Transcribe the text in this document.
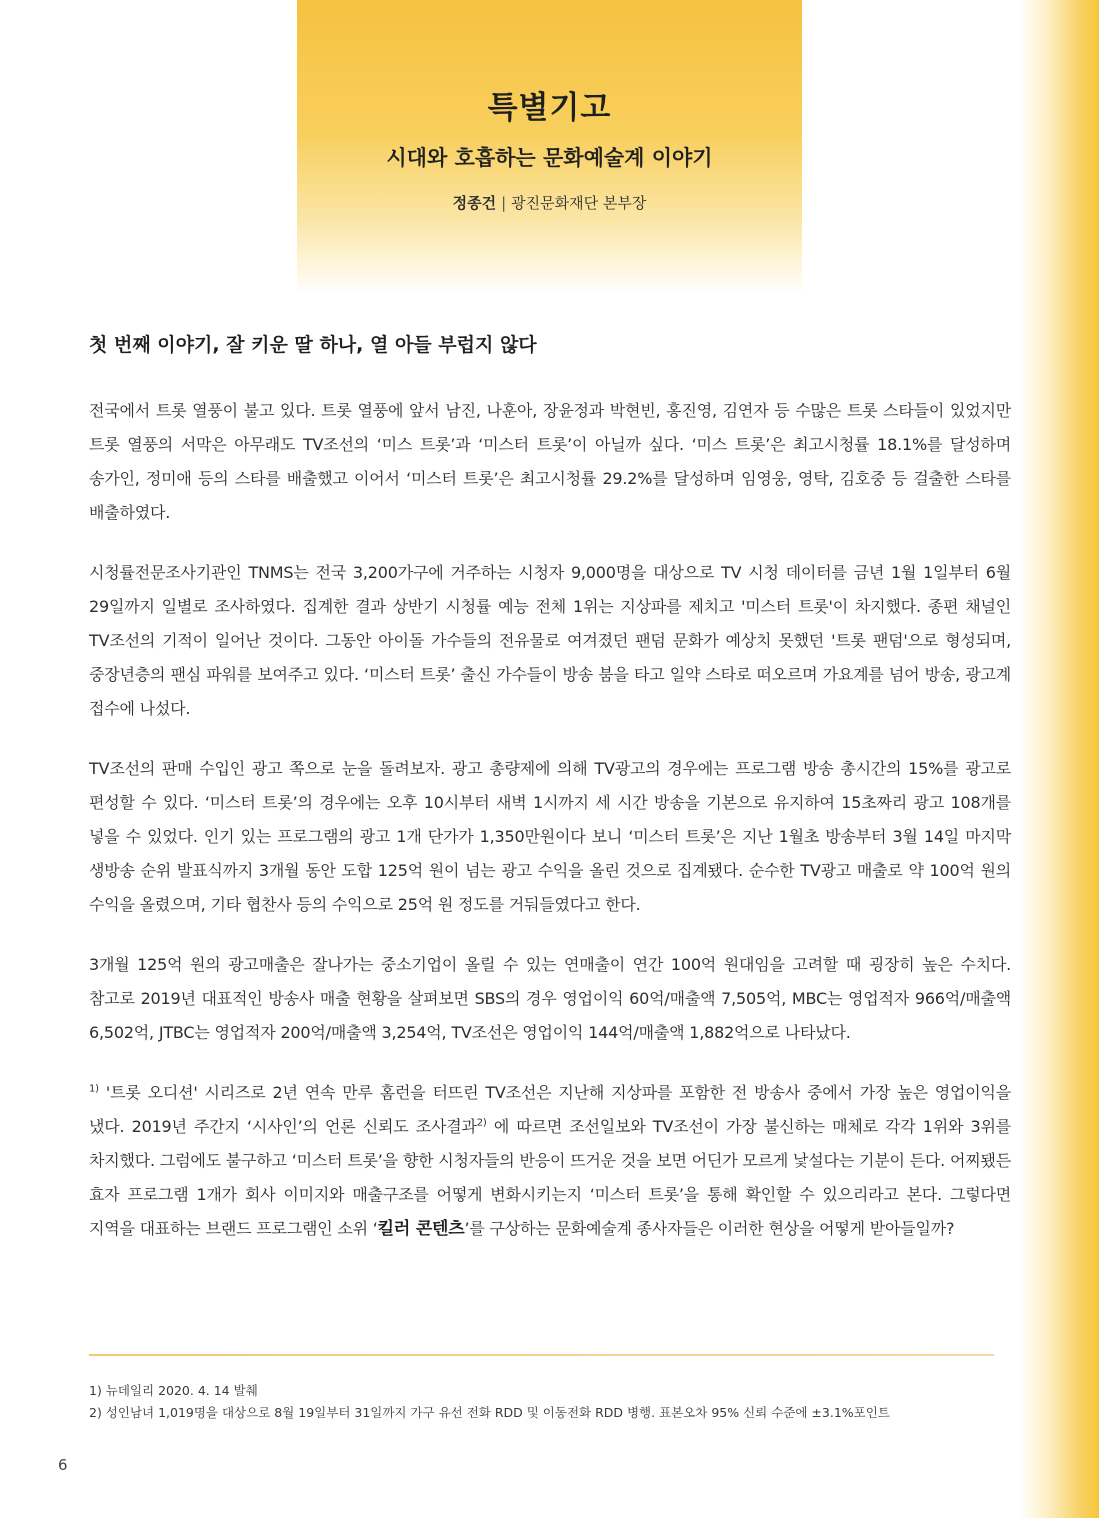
특별기고
시대와 호흡하는 문화예술계 이야기
정종건 | 광진문화재단 본부장
첫 번째 이야기, 잘 키운 딸 하나, 열 아들 부럽지 않다

전국에서 트롯 열풍이 불고 있다. 트롯 열풍에 앞서 남진, 나훈아, 장윤정과 박현빈, 홍진영, 김연자 등 수많은 트롯 스타들이 있었지만 트롯 열풍의 서막은 아무래도 TV조선의 ‘미스 트롯’과 ‘미스터 트롯’이 아닐까 싶다. ‘미스 트롯’은 최고시청률 18.1%를 달성하며 송가인, 정미애 등의 스타를 배출했고 이어서 ‘미스터 트롯’은 최고시청률 29.2%를 달성하며 임영웅, 영탁, 김호중 등 걸출한 스타를 배출하였다.

시청률전문조사기관인 TNMS는 전국 3,200가구에 거주하는 시청자 9,000명을 대상으로 TV 시청 데이터를 금년 1월 1일부터 6월 29일까지 일별로 조사하였다. 집계한 결과 상반기 시청률 예능 전체 1위는 지상파를 제치고 '미스터 트롯'이 차지했다. 종편 채널인 TV조선의 기적이 일어난 것이다. 그동안 아이돌 가수들의 전유물로 여겨졌던 팬덤 문화가 예상치 못했던 '트롯 팬덤'으로 형성되며, 중장년층의 팬심 파워를 보여주고 있다. ‘미스터 트롯’ 출신 가수들이 방송 붐을 타고 일약 스타로 떠오르며 가요계를 넘어 방송, 광고계 접수에 나섰다.

TV조선의 판매 수입인 광고 쪽으로 눈을 돌려보자. 광고 총량제에 의해 TV광고의 경우에는 프로그램 방송 총시간의 15%를 광고로 편성할 수 있다. ‘미스터 트롯’의 경우에는 오후 10시부터 새벽 1시까지 세 시간 방송을 기본으로 유지하여 15초짜리 광고 108개를 넣을 수 있었다. 인기 있는 프로그램의 광고 1개 단가가 1,350만원이다 보니 ‘미스터 트롯’은 지난 1월초 방송부터 3월 14일 마지막 생방송 순위 발표식까지 3개월 동안 도합 125억 원이 넘는 광고 수익을 올린 것으로 집계됐다. 순수한 TV광고 매출로 약 100억 원의 수익을 올렸으며, 기타 협찬사 등의 수익으로 25억 원 정도를 거둬들였다고 한다.

3개월 125억 원의 광고매출은 잘나가는 중소기업이 올릴 수 있는 연매출이 연간 100억 원대임을 고려할 때 굉장히 높은 수치다. 참고로 2019년 대표적인 방송사 매출 현황을 살펴보면 SBS의 경우 영업이익 60억/매출액 7,505억, MBC는 영업적자 966억/매출액 6,502억, JTBC는 영업적자 200억/매출액 3,254억, TV조선은 영업이익 144억/매출액 1,882억으로 나타났다.

$^{1)}$ '트롯 오디션' 시리즈로 2년 연속 만루 홈런을 터뜨린 TV조선은 지난해 지상파를 포함한 전 방송사 중에서 가장 높은 영업이익을 냈다. 2019년 주간지 ‘시사인’의 언론 신뢰도 조사결과$^{2)}$ 에 따르면 조선일보와 TV조선이 가장 불신하는 매체로 각각 1위와 3위를 차지했다. 그럼에도 불구하고 ‘미스터 트롯’을 향한 시청자들의 반응이 뜨거운 것을 보면 어딘가 모르게 낯설다는 기분이 든다. 어찌됐든 효자 프로그램 1개가 회사 이미지와 매출구조를 어떻게 변화시키는지 ‘미스터 트롯’을 통해 확인할 수 있으리라고 본다. 그렇다면 지역을 대표하는 브랜드 프로그램인 소위 ‘킬러 콘텐츠’를 구상하는 문화예술계 종사자들은 이러한 현상을 어떻게 받아들일까?

1) 뉴데일리 2020. 4. 14 발췌
2) 성인남녀 1,019명을 대상으로 8월 19일부터 31일까지 가구 유선 전화 RDD 및 이동전화 RDD 병행. 표본오차 95% 신뢰 수준에 ±3.1%포인트
6
